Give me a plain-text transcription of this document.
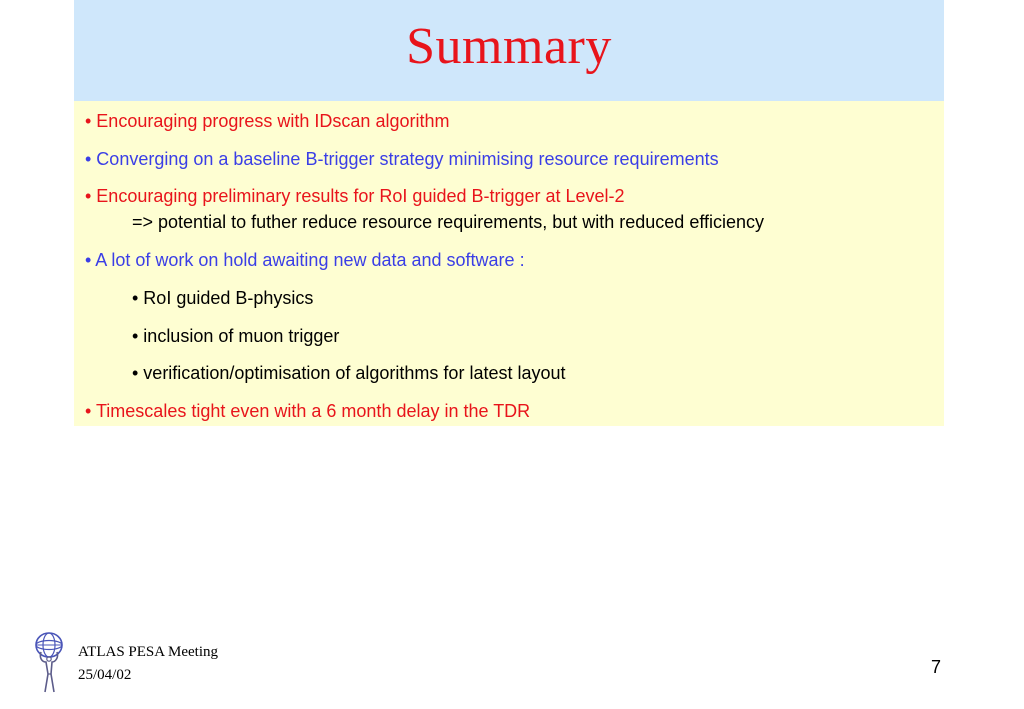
Summary
• Encouraging progress with IDscan algorithm
• Converging on a baseline B-trigger strategy minimising resource requirements
• Encouraging preliminary results for RoI guided B-trigger at Level-2
=> potential to futher reduce resource requirements, but with reduced efficiency
• A lot of work on hold awaiting new data and software :
• RoI guided B-physics
• inclusion of muon trigger
• verification/optimisation of algorithms for latest layout
• Timescales tight even with a 6 month delay in the TDR
ATLAS PESA Meeting
25/04/02	7
